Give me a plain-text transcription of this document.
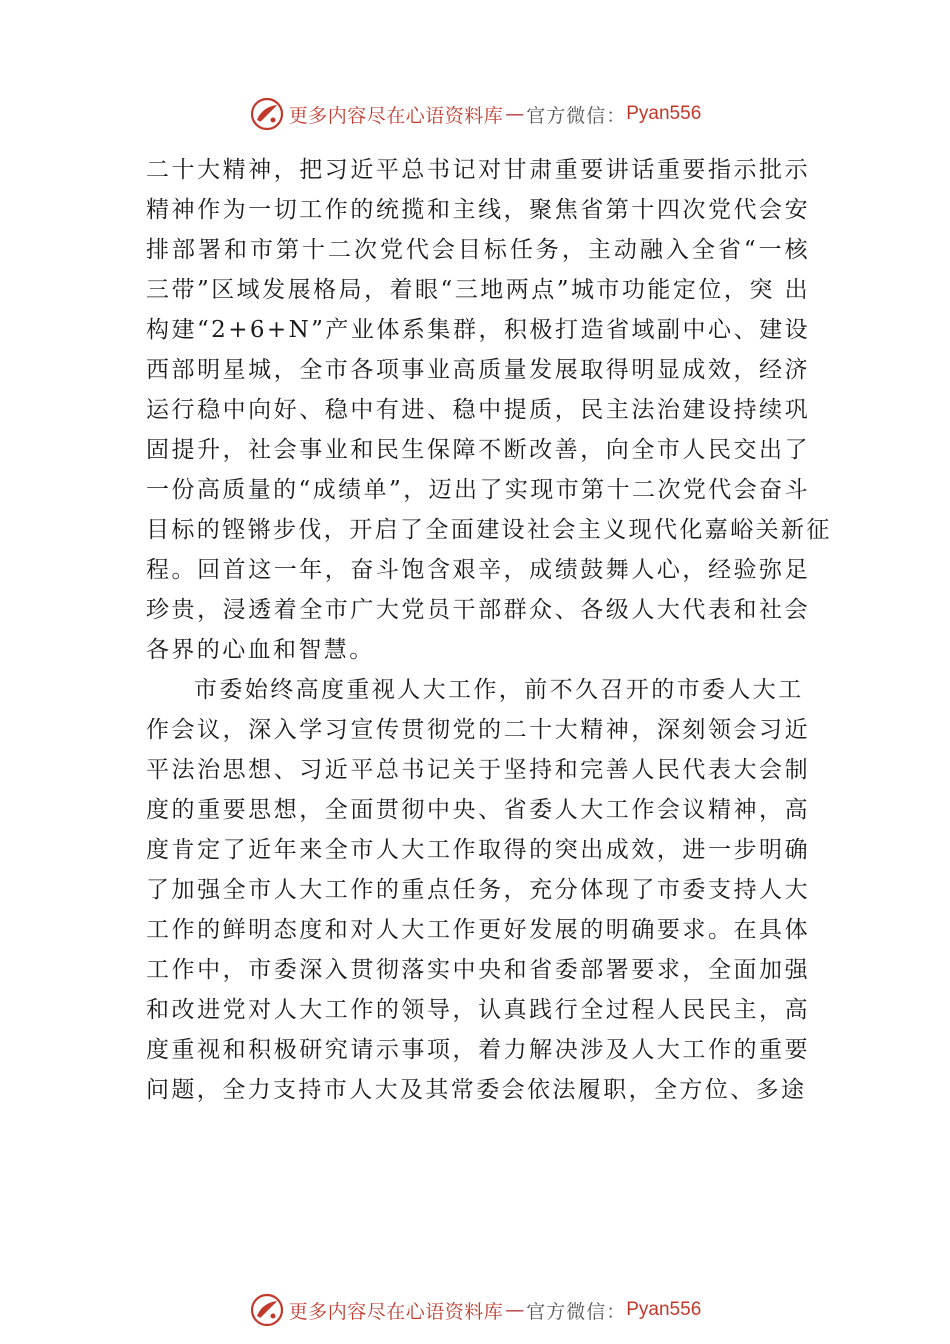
更多内容尽在心语资料库 — 官方微信： Pyan556
二十大精神，把习近平总书记对甘肃重要讲话重要指示批示
精神作为一切工作的统揽和主线，聚焦省第十四次党代会安
排部署和市第十二次党代会目标任务，主动融入全省“一核
三带”区域发展格局，着眼“三地两点”城市功能定位，突 出
构建“2+6+N”产业体系集群，积极打造省域副中心、建设
西部明星城，全市各项事业高质量发展取得明显成效，经济
运行稳中向好、稳中有进、稳中提质，民主法治建设持续巩
固提升，社会事业和民生保障不断改善，向全市人民交出了
一份高质量的“成绩单”，迈出了实现市第十二次党代会奋斗
目标的铿锵步伐，开启了全面建设社会主义现代化嘉峪关新征
程。回首这一年，奋斗饱含艰辛，成绩鼓舞人心，经验弥足
珍贵，浸透着全市广大党员干部群众、各级人大代表和社会
各界的心血和智慧。
市委始终高度重视人大工作，前不久召开的市委人大工
作会议，深入学习宣传贯彻党的二十大精神，深刻领会习近
平法治思想、习近平总书记关于坚持和完善人民代表大会制
度的重要思想，全面贯彻中央、省委人大工作会议精神，高
度肯定了近年来全市人大工作取得的突出成效，进一步明确
了加强全市人大工作的重点任务，充分体现了市委支持人大
工作的鲜明态度和对人大工作更好发展的明确要求。在具体
工作中，市委深入贯彻落实中央和省委部署要求，全面加强
和改进党对人大工作的领导，认真践行全过程人民民主，高
度重视和积极研究请示事项，着力解决涉及人大工作的重要
问题，全力支持市人大及其常委会依法履职，全方位、多途
更多内容尽在心语资料库 — 官方微信： Pyan556
